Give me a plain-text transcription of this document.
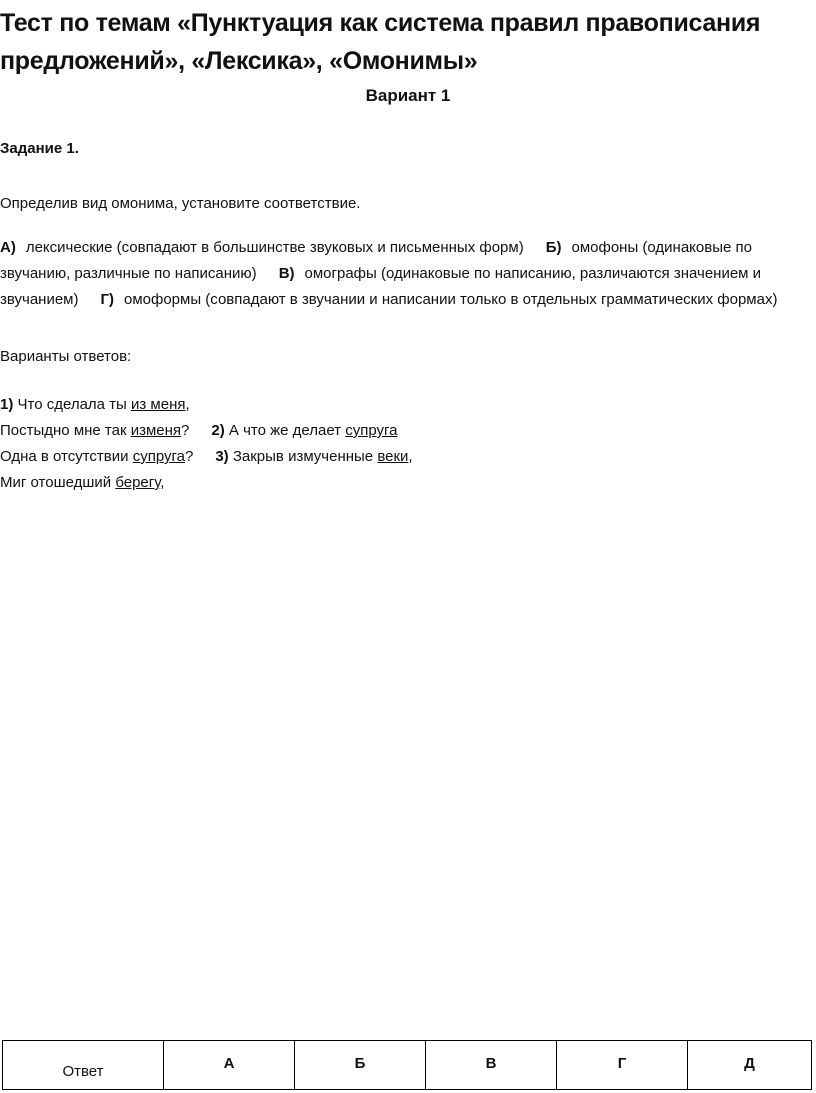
Тест по темам «Пунктуация как система правил правописания предложений», «Лексика», «Омонимы»
Вариант 1
Задание 1.

Определив вид омонима, установите соответствие.

А) лексические (совпадают в большинстве звуковых и письменных форм) Б) омофоны (одинаковые по звучанию, различные по написанию) В) омографы (одинаковые по написанию, различаются значением и звучанием) Г) омоформы (совпадают в звучании и написании только в отдельных грамматических формах)

Варианты ответов:

1) Что сделала ты из меня,
Постыдно мне так изменя? 2) А что же делает супруга
Одна в отсутствии супруга? 3) Закрыв измученные веки,
Миг отошедший берегу,

Ответ	А	Б	В	Г	Д
